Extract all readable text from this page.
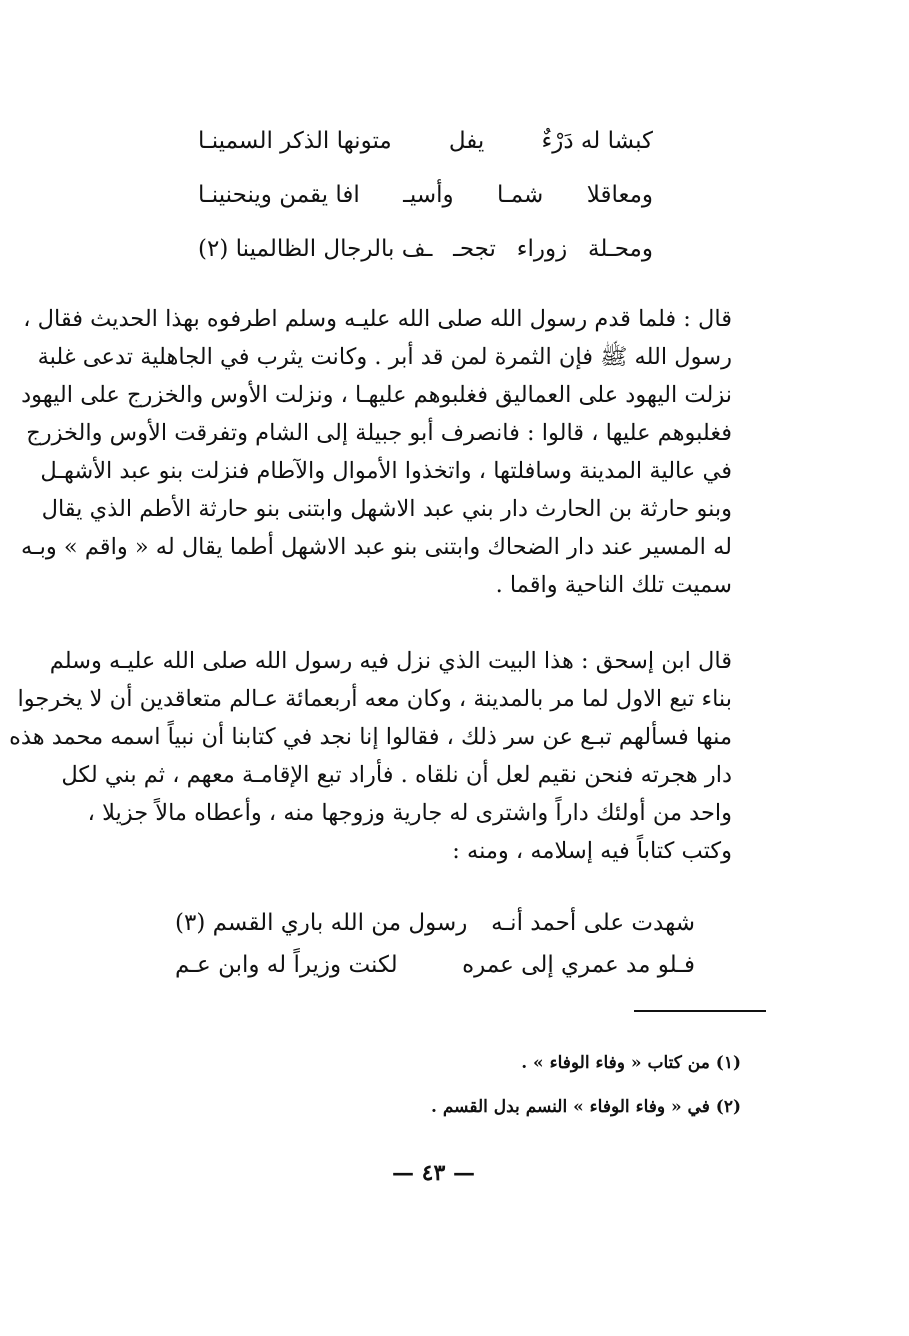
كبشا له دَرْءٌ
يفل
متونها الذكر السمينـا
ومعاقلا
شمـا
وأسيـ
افا يقمن وينحنينـا
ومحـلة
زوراء
تجحـ
ـف بالرجال الظالمينا (٢)
قال : فلما قدم رسول الله صلى الله عليـه وسلم اطرفوه بهذا الحديث فقال ،
رسول الله ﷺ فإن الثمرة لمن قد أبر . وكانت يثرب في الجاهلية تدعى غلبة
نزلت اليهود على العماليق فغلبوهم عليهـا ، ونزلت الأوس والخزرج على اليهود
فغلبوهم عليها ، قالوا : فانصرف أبو جبيلة إلى الشام وتفرقت الأوس والخزرج
في عالية المدينة وسافلتها ، واتخذوا الأموال والآطام فنزلت بنو عبد الأشهـل
وبنو حارثة بن الحارث دار بني عبد الاشهل وابتنى بنو حارثة الأطم الذي يقال
له المسير عند دار الضحاك وابتنى بنو عبد الاشهل أطما يقال له « واقم » وبـه
سميت تلك الناحية واقما .
قال ابن إسحق : هذا البيت الذي نزل فيه رسول الله صلى الله عليـه وسلم
بناء تبع الاول لما مر بالمدينة ، وكان معه أربعمائة عـالم متعاقدين أن لا يخرجوا
منها فسألهم تبـع عن سر ذلك ، فقالوا إنا نجد في كتابنا أن نبياً اسمه محمد هذه
دار هجرته فنحن نقيم لعل أن نلقاه . فأراد تبع الإقامـة معهم ، ثم بني لكل
واحد من أولئك داراً واشترى له جارية وزوجها منه ، وأعطاه مالاً جزيلا ،
وكتب كتاباً فيه إسلامه ، ومنه :
شهدت على أحمد أنـه
رسول من الله باري القسم (٣)
فـلو مد عمري إلى عمره
لكنت وزيراً له وابن عـم
(١) من كتاب « وفاء الوفاء » .
(٢) في « وفاء الوفاء » النسم بدل القسم .
— ٤٣ —
